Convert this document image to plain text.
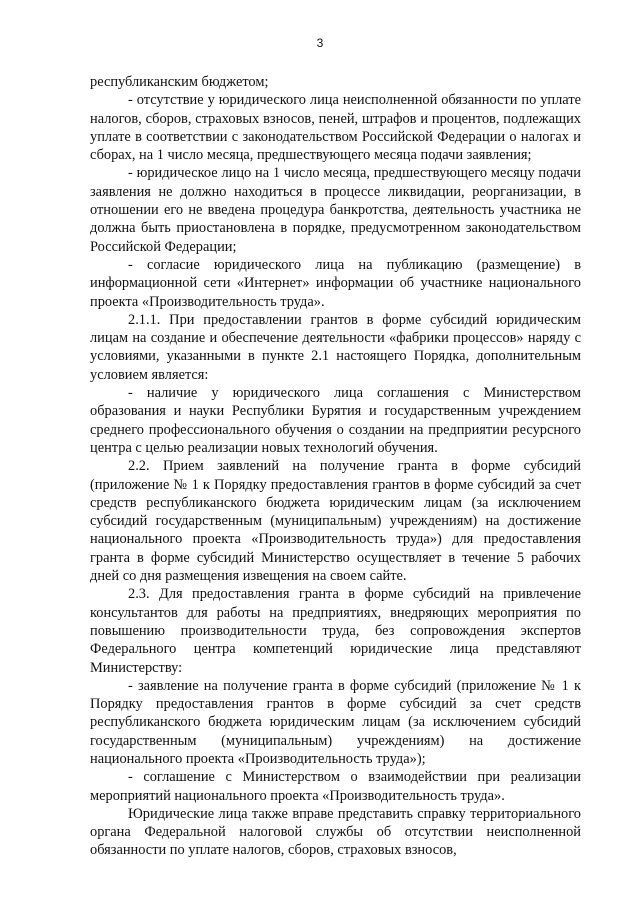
3

республиканским бюджетом;

- отсутствие у юридического лица неисполненной обязанности по уплате налогов, сборов, страховых взносов, пеней, штрафов и процентов, подлежащих уплате в соответствии с законодательством Российской Федерации о налогах и сборах, на 1 число месяца, предшествующего месяца подачи заявления;

- юридическое лицо на 1 число месяца, предшествующего месяцу подачи заявления не должно находиться в процессе ликвидации, реорганизации, в отношении его не введена процедура банкротства, деятельность участника не должна быть приостановлена в порядке, предусмотренном законодательством Российской Федерации;

- согласие юридического лица на публикацию (размещение) в информационной сети «Интернет» информации об участнике национального проекта «Производительность труда».

2.1.1. При предоставлении грантов в форме субсидий юридическим лицам на создание и обеспечение деятельности «фабрики процессов» наряду с условиями, указанными в пункте 2.1 настоящего Порядка, дополнительным условием является:

- наличие у юридического лица соглашения с Министерством образования и науки Республики Бурятия и государственным учреждением среднего профессионального обучения о создании на предприятии ресурсного центра с целью реализации новых технологий обучения.

2.2. Прием заявлений на получение гранта в форме субсидий (приложение № 1 к Порядку предоставления грантов в форме субсидий за счет средств республиканского бюджета юридическим лицам (за исключением субсидий государственным (муниципальным) учреждениям) на достижение национального проекта «Производительность труда») для предоставления гранта в форме субсидий Министерство осуществляет в течение 5 рабочих дней со дня размещения извещения на своем сайте.

2.3. Для предоставления гранта в форме субсидий на привлечение консультантов для работы на предприятиях, внедряющих мероприятия по повышению производительности труда, без сопровождения экспертов Федерального центра компетенций юридические лица представляют Министерству:

- заявление на получение гранта в форме субсидий (приложение № 1 к Порядку предоставления грантов в форме субсидий за счет средств республиканского бюджета юридическим лицам (за исключением субсидий государственным (муниципальным) учреждениям) на достижение национального проекта «Производительность труда»);

- соглашение с Министерством о взаимодействии при реализации мероприятий национального проекта «Производительность труда».

Юридические лица также вправе представить справку территориального органа Федеральной налоговой службы об отсутствии неисполненной обязанности по уплате налогов, сборов, страховых взносов,
